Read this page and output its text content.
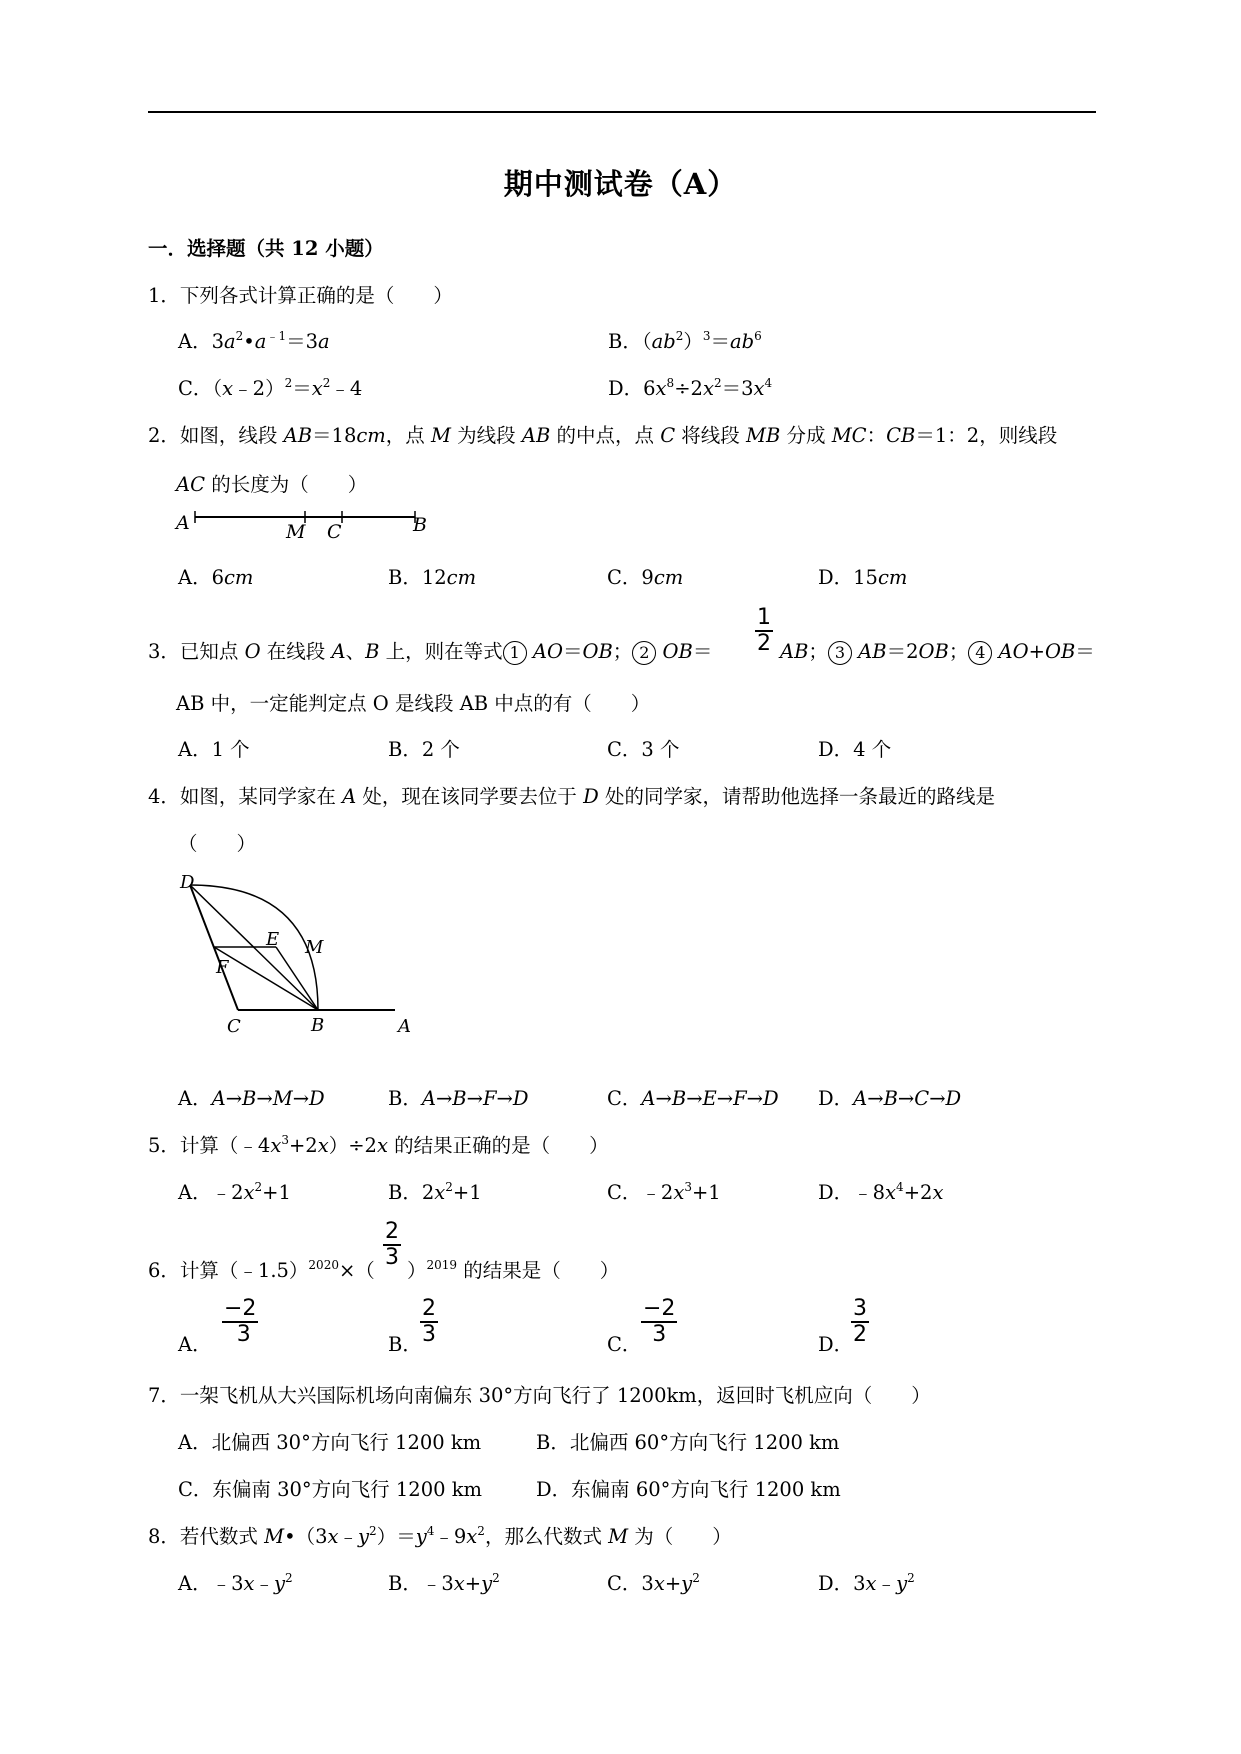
期中测试卷（A）
一．选择题（共 12 小题）
1．下列各式计算正确的是（　　）
A．$3a^2•a^{﹣1}=3a$	B．$(ab^2)^3=ab^6$
C．$(x﹣2)^2=x^2﹣4$	D．$6x^8\div 2x^2=3x^4$
2．如图，线段 AB＝18cm，点 M 为线段 AB 的中点，点 C 将线段 MB 分成 MC：CB＝1：2，则线段
AC 的长度为（　　）
A	M C	B
A．6cm	B．12cm	C．9cm	D．15cm
3．已知点 O 在线段 A、B 上，则在等式 1 AO＝OB； 2 $OB= \frac{1}{2}$ AB； 3 AB＝2OB； 4 AO+OB＝
AB 中，一定能判定点 O 是线段 AB 中点的有（　　）
A．1 个	B．2 个	C．3 个	D．4 个
4．如图，某同学家在 A 处，现在该同学要去位于 D 处的同学家，请帮助他选择一条最近的路线是
（　　）
D
E M
F
C	B	A
A．A→B→M→D	B．A→B→F→D	C．A→B→E→F→D D．A→B→C→D
5．计算$(﹣4x^3+2x)\div 2x$ 的结果正确的是（　　）
A．$﹣2x^2+1$	B．$2x^2+1$	C．$﹣2x^3+1$	D．$﹣8x^4+2x$
6．计算（﹣1.5）$^{2020}$×（
$\frac{2}{3}$
）$^{2019}$ 的结果是（　　）
A． $\frac{-2}{3}$	B．
$\frac{2}{3}$	C． $\frac{-2}{3}$	D．
$\frac{3}{2}$
7．一架飞机从大兴国际机场向南偏东 30°方向飞行了 1200km，返回时飞机应向（　　）
A．北偏西 30°方向飞行 1200 km	B．北偏西 60°方向飞行 1200 km
C．东偏南 30°方向飞行 1200 km	D．东偏南 60°方向飞行 1200 km
8．若代数式 $M•(3x﹣y^2)=y^4﹣9x^2$，那么代数式 M 为（　　）
A．$﹣3x﹣y^2$	B．$﹣3x+y^2$	C．$3x+y^2$	D．$3x﹣y^2$
